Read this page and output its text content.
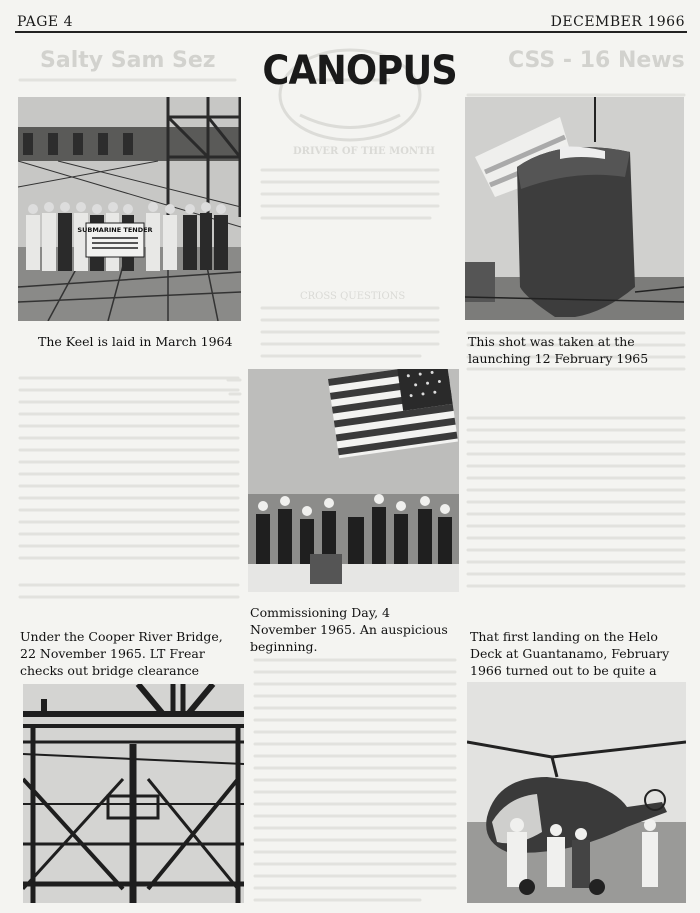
PAGE 4	DECEMBER 1966
Salty Sam Sez	CSS - 16 News
DRIVER OF THE MONTH
CROSS QUESTIONS
CANOPUS
SUBMARINE TENDER
The Keel is laid in March 1964	This shot was taken at the launching 12 February 1965
Commissioning Day, 4 November 1965. An auspicious beginning.
Under the Cooper River Bridge, 22 November 1965. LT Frear checks out bridge clearance
That first landing on the Helo Deck at Guantanamo, February 1966 turned out to be quite a
